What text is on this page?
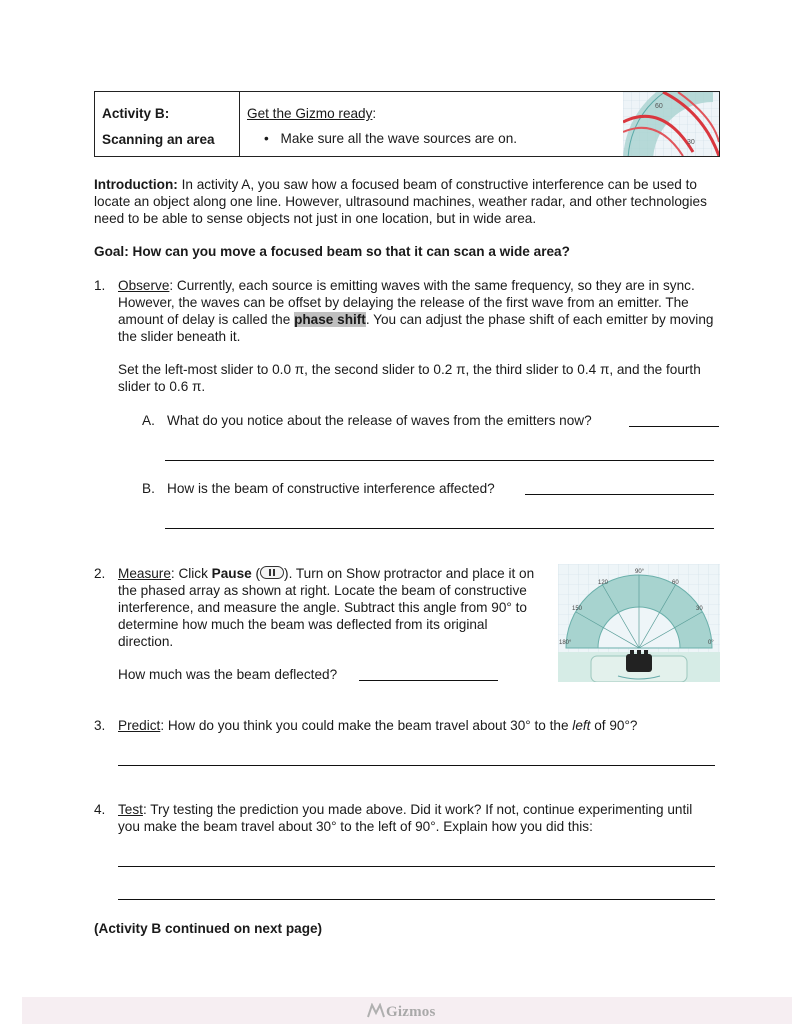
Activity B:
Scanning an area
Get the Gizmo ready:
• Make sure all the wave sources are on.
60
30
Introduction: In activity A, you saw how a focused beam of constructive interference can be used to locate an object along one line. However, ultrasound machines, weather radar, and other technologies need to be able to sense objects not just in one location, but in wide area.
Goal: How can you move a focused beam so that it can scan a wide area?
1. Observe: Currently, each source is emitting waves with the same frequency, so they are in sync. However, the waves can be offset by delaying the release of the first wave from an emitter. The amount of delay is called the phase shift. You can adjust the phase shift of each emitter by moving the slider beneath it.
Set the left-most slider to 0.0 π, the second slider to 0.2 π, the third slider to 0.4 π, and the fourth slider to 0.6 π.
A. What do you notice about the release of waves from the emitters now?
B. How is the beam of constructive interference affected?
2. Measure: Click Pause ( ). Turn on Show protractor and place it on the phased array as shown at right. Locate the beam of constructive interference, and measure the angle. Subtract this angle from 90° to determine how much the beam was deflected from its original direction.
How much was the beam deflected?
90°
120	60
150	30
180°	0°
3. Predict: How do you think you could make the beam travel about 30° to the left of 90°?
4. Test: Try testing the prediction you made above. Did it work? If not, continue experimenting until you make the beam travel about 30° to the left of 90°. Explain how you did this:
(Activity B continued on next page)
Gizmos
